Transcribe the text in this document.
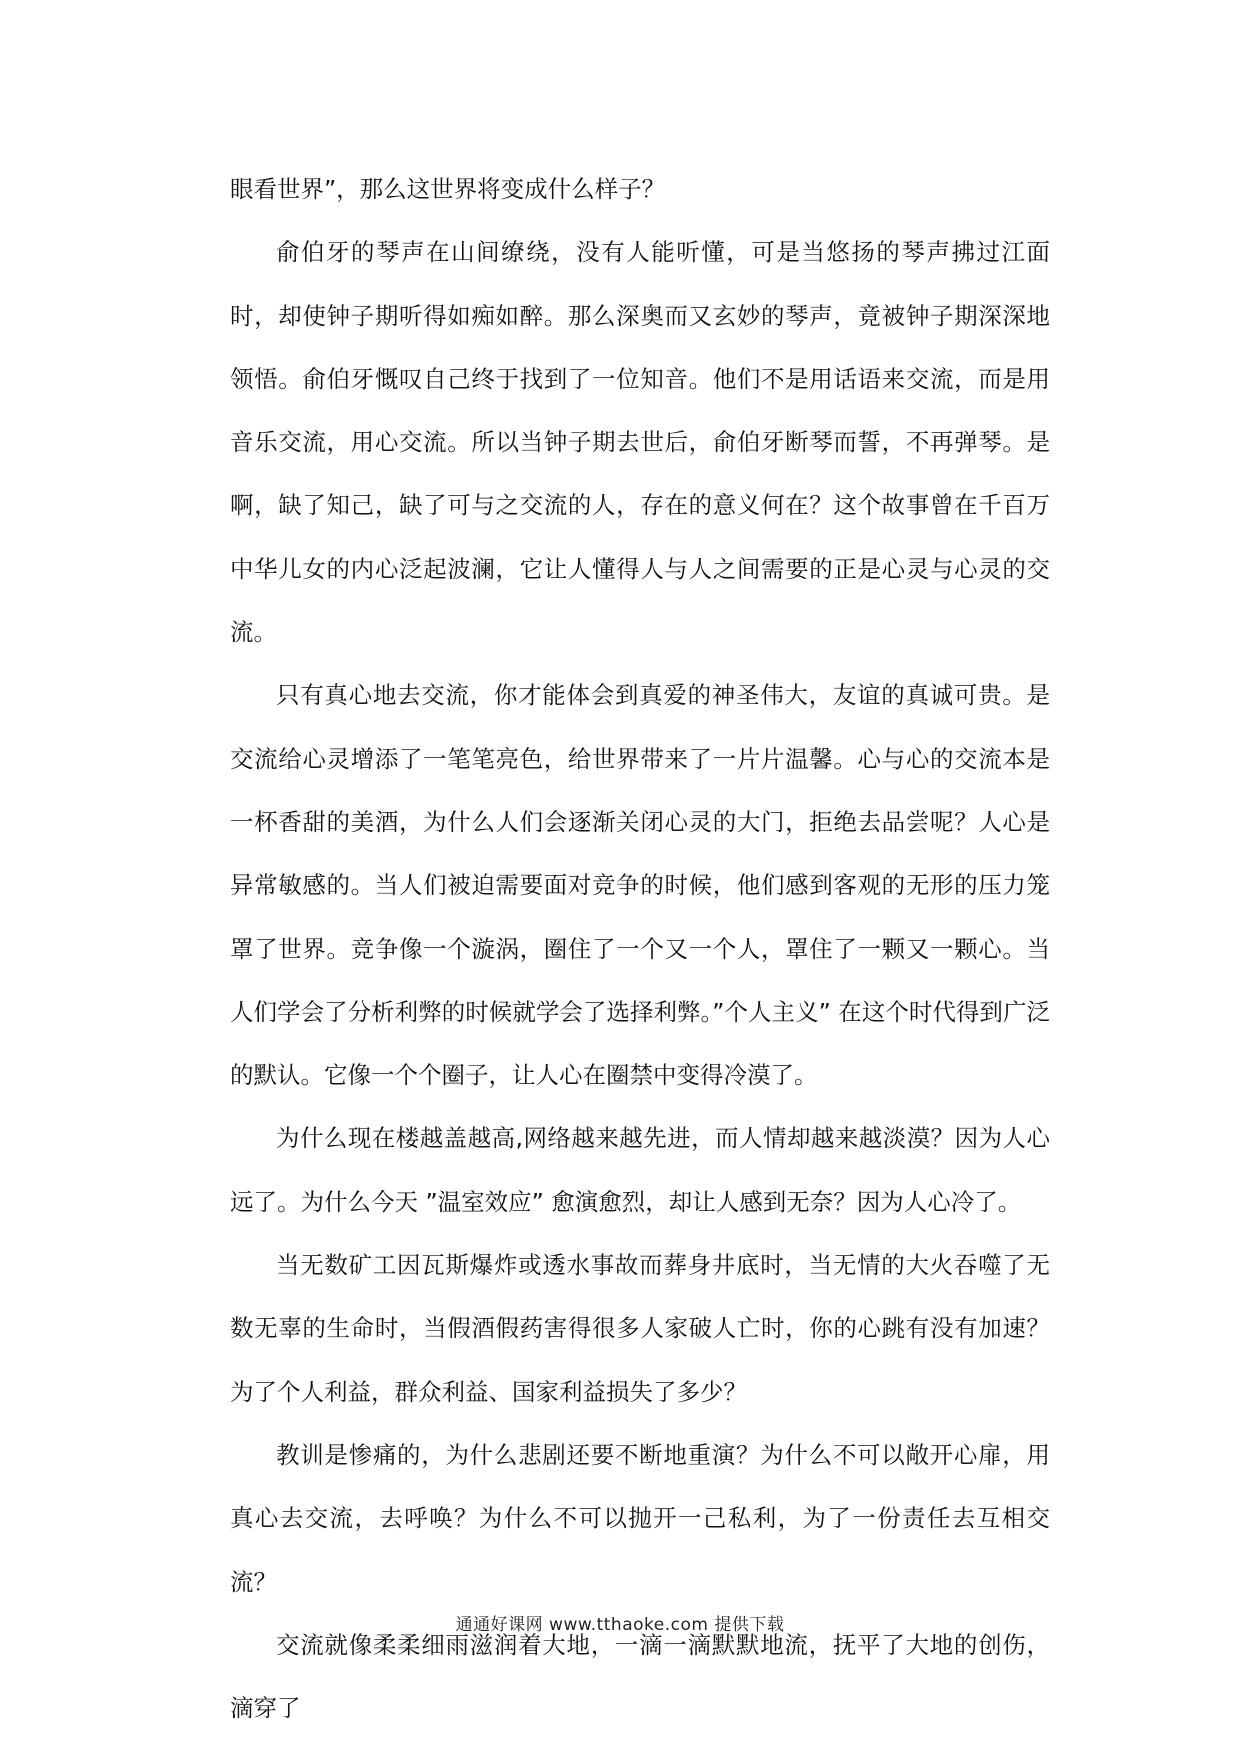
眼看世界”，那么这世界将变成什么样子？

俞伯牙的琴声在山间缭绕，没有人能听懂，可是当悠扬的琴声拂过江面时，却使钟子期听得如痴如醉。那么深奥而又玄妙的琴声，竟被钟子期深深地领悟。俞伯牙慨叹自己终于找到了一位知音。他们不是用话语来交流，而是用音乐交流，用心交流。所以当钟子期去世后，俞伯牙断琴而誓，不再弹琴。是啊，缺了知己，缺了可与之交流的人，存在的意义何在？这个故事曾在千百万中华儿女的内心泛起波澜，它让人懂得人与人之间需要的正是心灵与心灵的交流。

只有真心地去交流，你才能体会到真爱的神圣伟大，友谊的真诚可贵。是交流给心灵增添了一笔笔亮色，给世界带来了一片片温馨。心与心的交流本是一杯香甜的美酒，为什么人们会逐渐关闭心灵的大门，拒绝去品尝呢？人心是异常敏感的。当人们被迫需要面对竞争的时候，他们感到客观的无形的压力笼罩了世界。竞争像一个漩涡，圈住了一个又一个人，罩住了一颗又一颗心。当人们学会了分析利弊的时候就学会了选择利弊。”个人主义” 在这个时代得到广泛的默认。它像一个个圈子，让人心在圈禁中变得冷漠了。

为什么现在楼越盖越高,网络越来越先进，而人情却越来越淡漠？因为人心远了。为什么今天 ”温室效应” 愈演愈烈，却让人感到无奈？因为人心冷了。

当无数矿工因瓦斯爆炸或透水事故而葬身井底时，当无情的大火吞噬了无数无辜的生命时，当假酒假药害得很多人家破人亡时，你的心跳有没有加速？为了个人利益，群众利益、国家利益损失了多少？

教训是惨痛的，为什么悲剧还要不断地重演？为什么不可以敞开心扉，用真心去交流，去呼唤？为什么不可以抛开一己私利，为了一份责任去互相交流？

交流就像柔柔细雨滋润着大地，一滴一滴默默地流，抚平了大地的创伤，滴穿了

通通好课网 www.tthaoke.com 提供下载
